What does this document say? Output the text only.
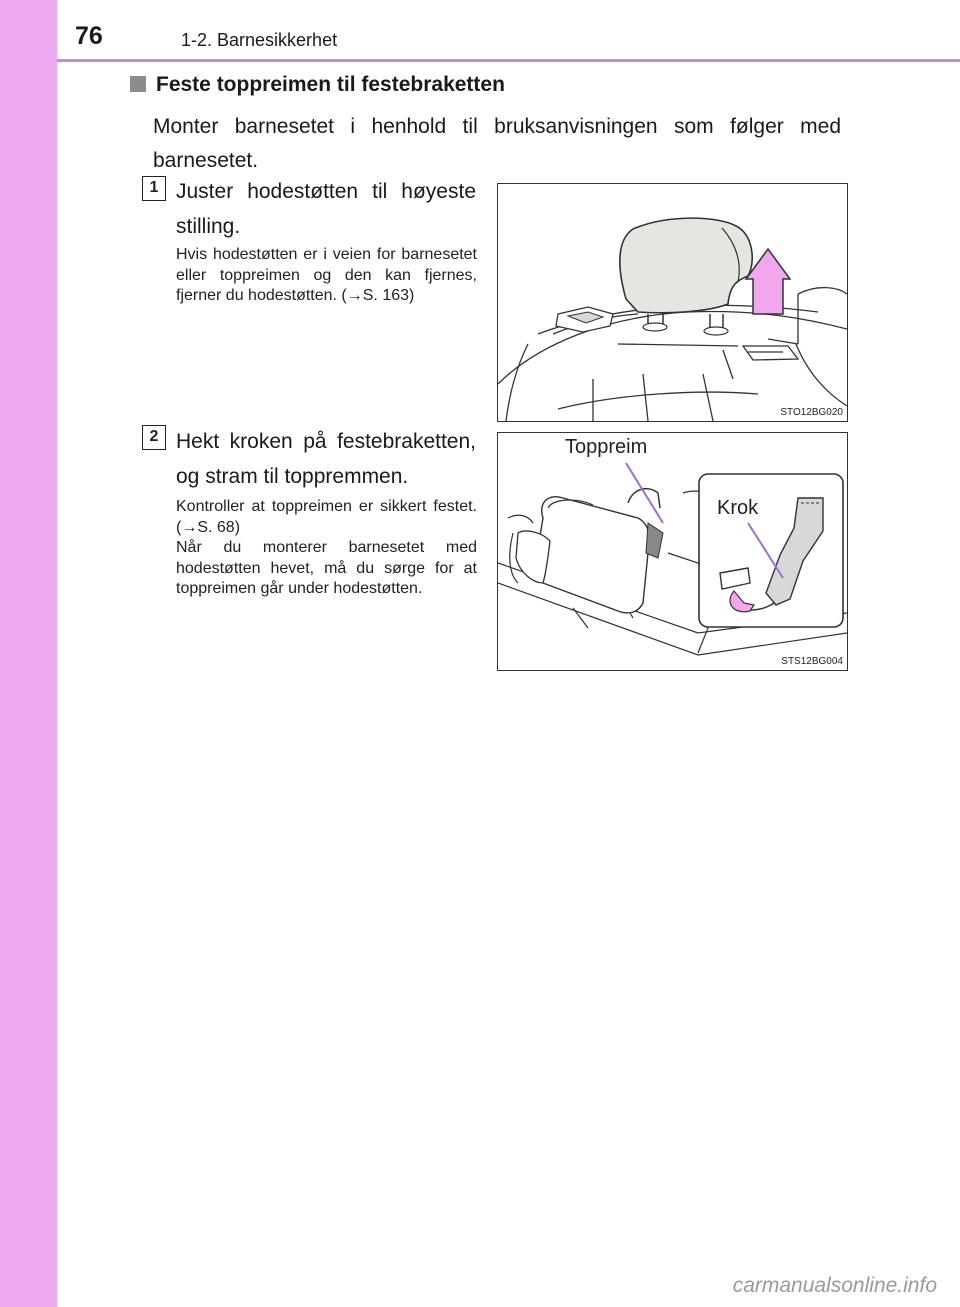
76	1-2. Barnesikkerhet
Feste toppreimen til festebraketten
Monter barnesetet i henhold til bruksanvisningen som følger med barnesetet.
1 Juster hodestøtten til høyeste stilling.
Hvis hodestøtten er i veien for barnesetet eller toppreimen og den kan fjernes, fjerner du hodestøtten. (→S. 163)
STO12BG020
2 Hekt kroken på festebraketten, og stram til toppremmen.
Kontroller at toppreimen er sikkert festet. (→S. 68)
Når du monterer barnesetet med hodestøtten hevet, må du sørge for at toppreimen går under hodestøtten.
Toppreim
Krok
STS12BG004
carmanualsonline.info
